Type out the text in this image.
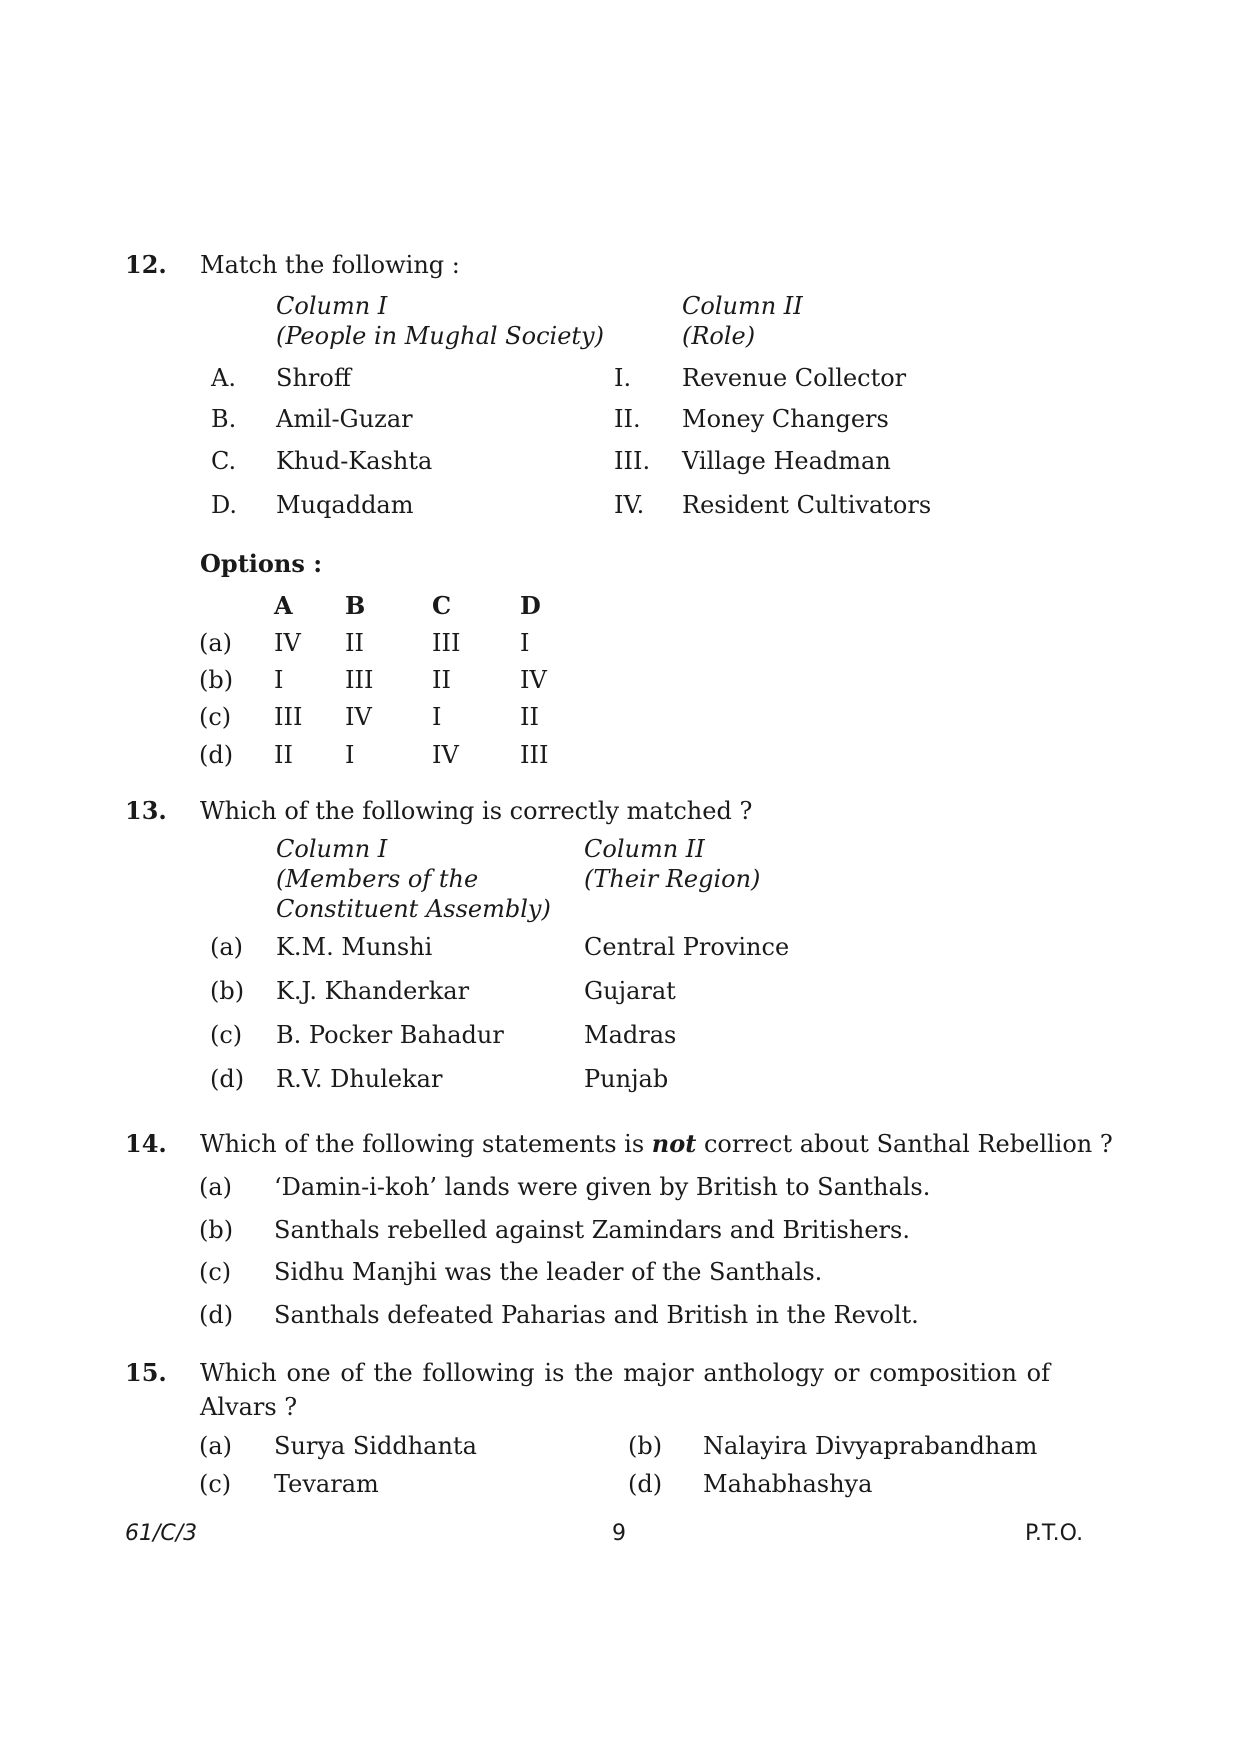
12. Match the following :
Column I
(People in Mughal Society)
Column II
(Role)
A. Shroff	I. Revenue Collector
B. Amil-Guzar	II. Money Changers
C. Khud-Kashta	III. Village Headman
D. Muqaddam	IV. Resident Cultivators
Options :
A B	C	D
(a) IV II	III I
(b) I	III II	IV
(c) III IV	I	II
(d) II I	IV	III
13. Which of the following is correctly matched ?
Column I
(Members of the
Constituent Assembly)
Column II
(Their Region)
(a) K.M. Munshi	Central Province
(b) K.J. Khanderkar	Gujarat
(c) B. Pocker Bahadur	Madras
(d) R.V. Dhulekar	Punjab
14. Which of the following statements is not correct about Santhal Rebellion ?
(a) ‘Damin-i-koh’ lands were given by British to Santhals.
(b) Santhals rebelled against Zamindars and Britishers.
(c) Sidhu Manjhi was the leader of the Santhals.
(d) Santhals defeated Paharias and British in the Revolt.
15. Which one of the following is the major anthology or composition of
Alvars ?
(a) Surya Siddhanta	(b) Nalayira Divyaprabandham
(c) Tevaram	(d) Mahabhashya
61/C/3	9	P.T.O.
